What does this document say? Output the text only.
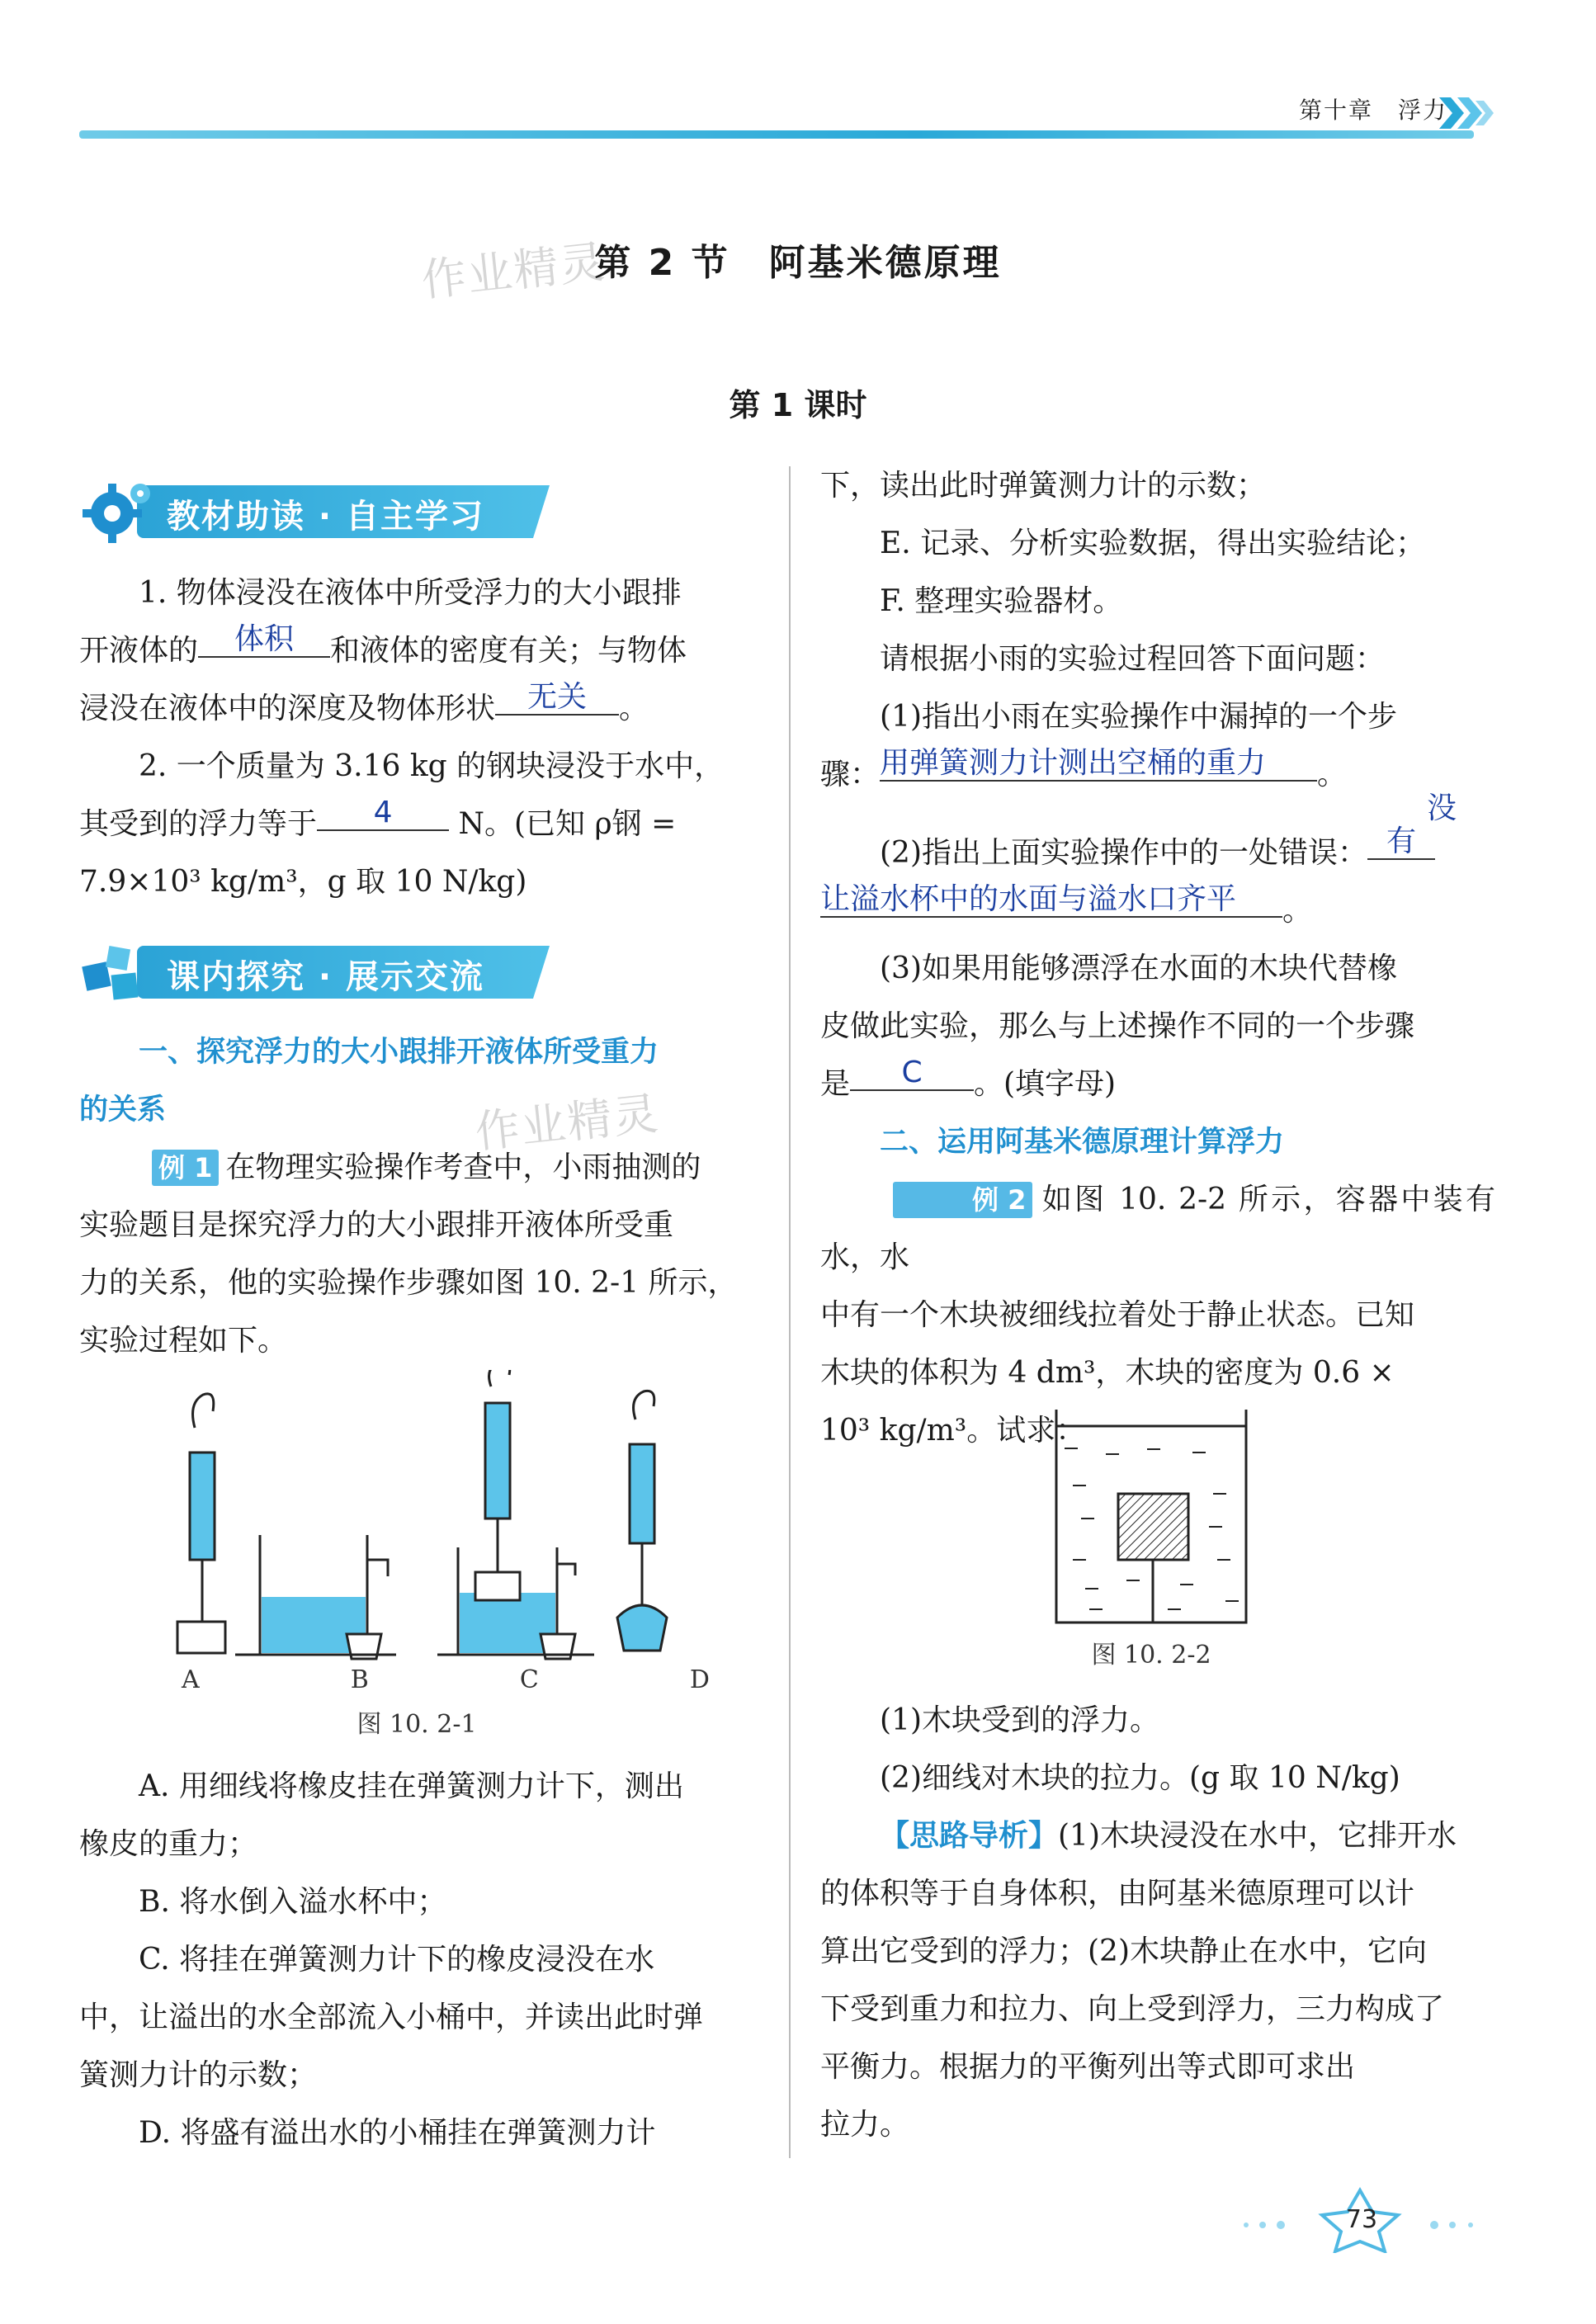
第十章　浮力
作业精灵
作业精灵
第 2 节　阿基米德原理
第 1 课时
教材助读 · 自主学习
1. 物体浸没在液体中所受浮力的大小跟排
开液体的 体积 和液体的密度有关；与物体
浸没在液体中的深度及物体形状 无关 。
2. 一个质量为 3.16 kg 的钢块浸没于水中，
其受到的浮力等于 4 N。(已知 ρ钢 =
7.9×10³ kg/m³，g 取 10 N/kg)
课内探究 · 展示交流
一、探究浮力的大小跟排开液体所受重力
的关系
例 1 在物理实验操作考查中，小雨抽测的
实验题目是探究浮力的大小跟排开液体所受重
力的关系，他的实验操作步骤如图 10. 2-1 所示，
实验过程如下。
A	B	C	D
图 10. 2-1
A. 用细线将橡皮挂在弹簧测力计下，测出
橡皮的重力；
B. 将水倒入溢水杯中；
C. 将挂在弹簧测力计下的橡皮浸没在水
中，让溢出的水全部流入小桶中，并读出此时弹
簧测力计的示数；
D. 将盛有溢出水的小桶挂在弹簧测力计
下，读出此时弹簧测力计的示数；
E. 记录、分析实验数据，得出实验结论；
F. 整理实验器材。
请根据小雨的实验过程回答下面问题：
(1)指出小雨在实验操作中漏掉的一个步
骤：用弹簧测力计测出空桶的重力 。
(2)指出上面实验操作中的一处错误：没有
让溢水杯中的水面与溢水口齐平 。
(3)如果用能够漂浮在水面的木块代替橡
皮做此实验，那么与上述操作不同的一个步骤
是 C 。(填字母)
二、运用阿基米德原理计算浮力
例 2 如图 10. 2-2 所示，容器中装有水，水
中有一个木块被细线拉着处于静止状态。已知
木块的体积为 4 dm³，木块的密度为 0.6 ×
10³ kg/m³。试求：
图 10. 2-2
(1)木块受到的浮力。
(2)细线对木块的拉力。(g 取 10 N/kg)
【思路导析】(1)木块浸没在水中，它排开水
的体积等于自身体积，由阿基米德原理可以计
算出它受到的浮力；(2)木块静止在水中，它向
下受到重力和拉力、向上受到浮力，三力构成了
平衡力。根据力的平衡列出等式即可求出
拉力。
73
